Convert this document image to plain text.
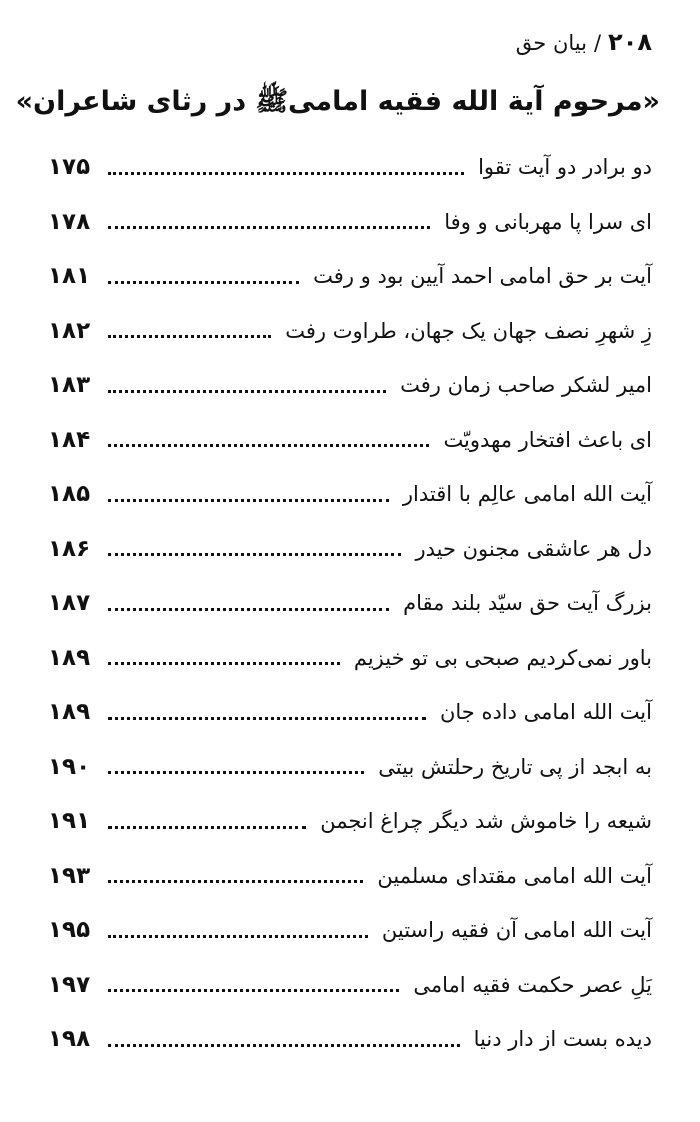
۲۰۸/بیان حق
«مرحوم آیة الله فقیه امامیﷺ در رثای شاعران»
دو برادر دو آیت تقوا
۱۷۵
ای سرا پا مهربانی و وفا
۱۷۸
آیت بر حق امامی احمد آیین بود و رفت
۱۸۱
زِ شهرِ نصف جهان یک جهان، طراوت رفت
۱۸۲
امیر لشکر صاحب زمان رفت
۱۸۳
ای باعث افتخار مهدویّت
۱۸۴
آیت الله امامی عالِم با اقتدار
۱۸۵
دل هر عاشقی مجنون حیدر
۱۸۶
بزرگ آیت حق سیّد بلند مقام
۱۸۷
باور نمی‌کردیم صبحی بی تو خیزیم
۱۸۹
آیت الله امامی داده جان
۱۸۹
به ابجد از پی تاریخ رحلتش بیتی
۱۹۰
شیعه را خاموش شد دیگر چراغ انجمن
۱۹۱
آیت الله امامی مقتدای مسلمین
۱۹۳
آیت الله امامی آن فقیه راستین
۱۹۵
یَلِ عصر حکمت فقیه امامی
۱۹۷
دیده بست از دار دنیا
۱۹۸
